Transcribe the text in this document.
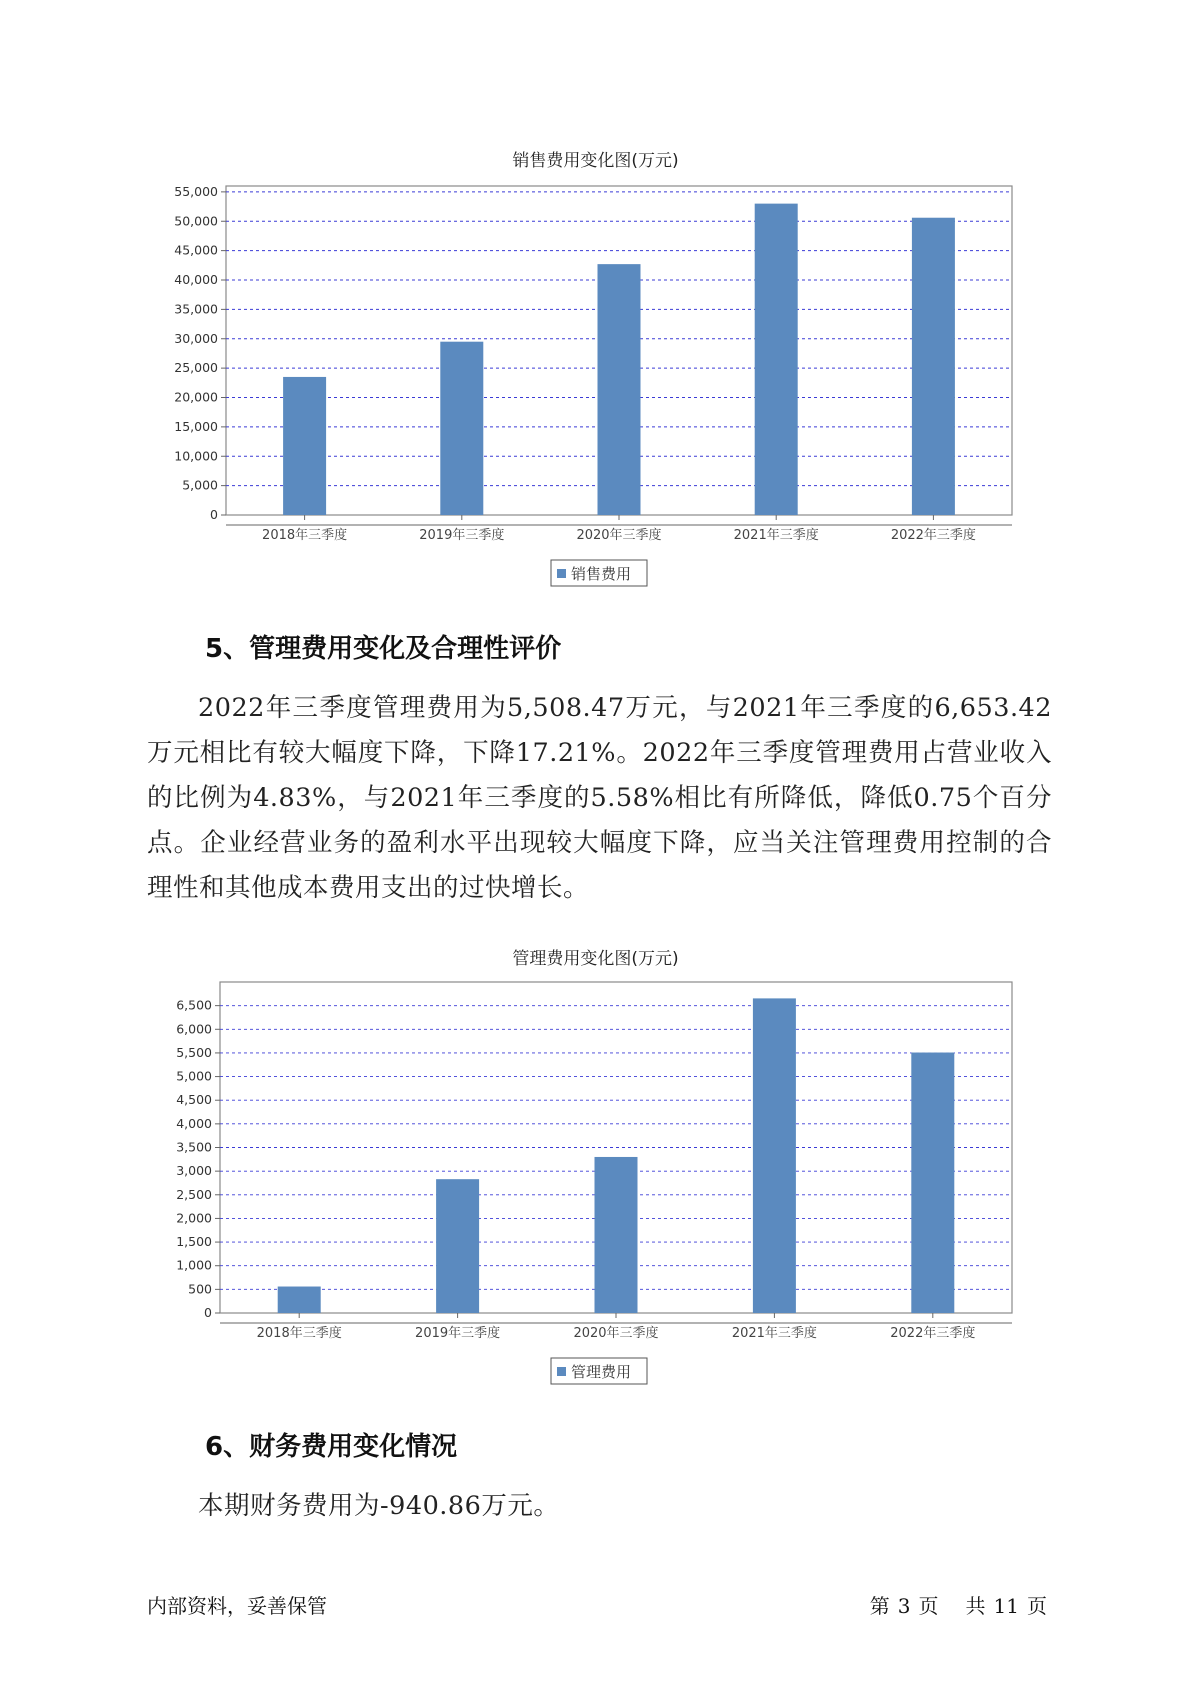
销售费用变化图(万元)
0
5,000
10,000
15,000
20,000
25,000
30,000
35,000
40,000
45,000
50,000
55,000
2018年三季度	2019年三季度	2020年三季度	2021年三季度	2022年三季度
销售费用
5、管理费用变化及合理性评价

2022年三季度管理费用为5,508.47万元，与2021年三季度的6,653.42万元相比有较大幅度下降，下降17.21%。2022年三季度管理费用占营业收入的比例为4.83%，与2021年三季度的5.58%相比有所降低，降低0.75个百分点。企业经营业务的盈利水平出现较大幅度下降，应当关注管理费用控制的合理性和其他成本费用支出的过快增长。

管理费用变化图(万元)
0
500
1,000
1,500
2,000
2,500
3,000
3,500
4,000
4,500
5,000
5,500
6,000
6,500
2018年三季度	2019年三季度	2020年三季度	2021年三季度	2022年三季度
管理费用
6、财务费用变化情况

本期财务费用为-940.86万元。

内部资料，妥善保管	第 3 页 共 11 页
